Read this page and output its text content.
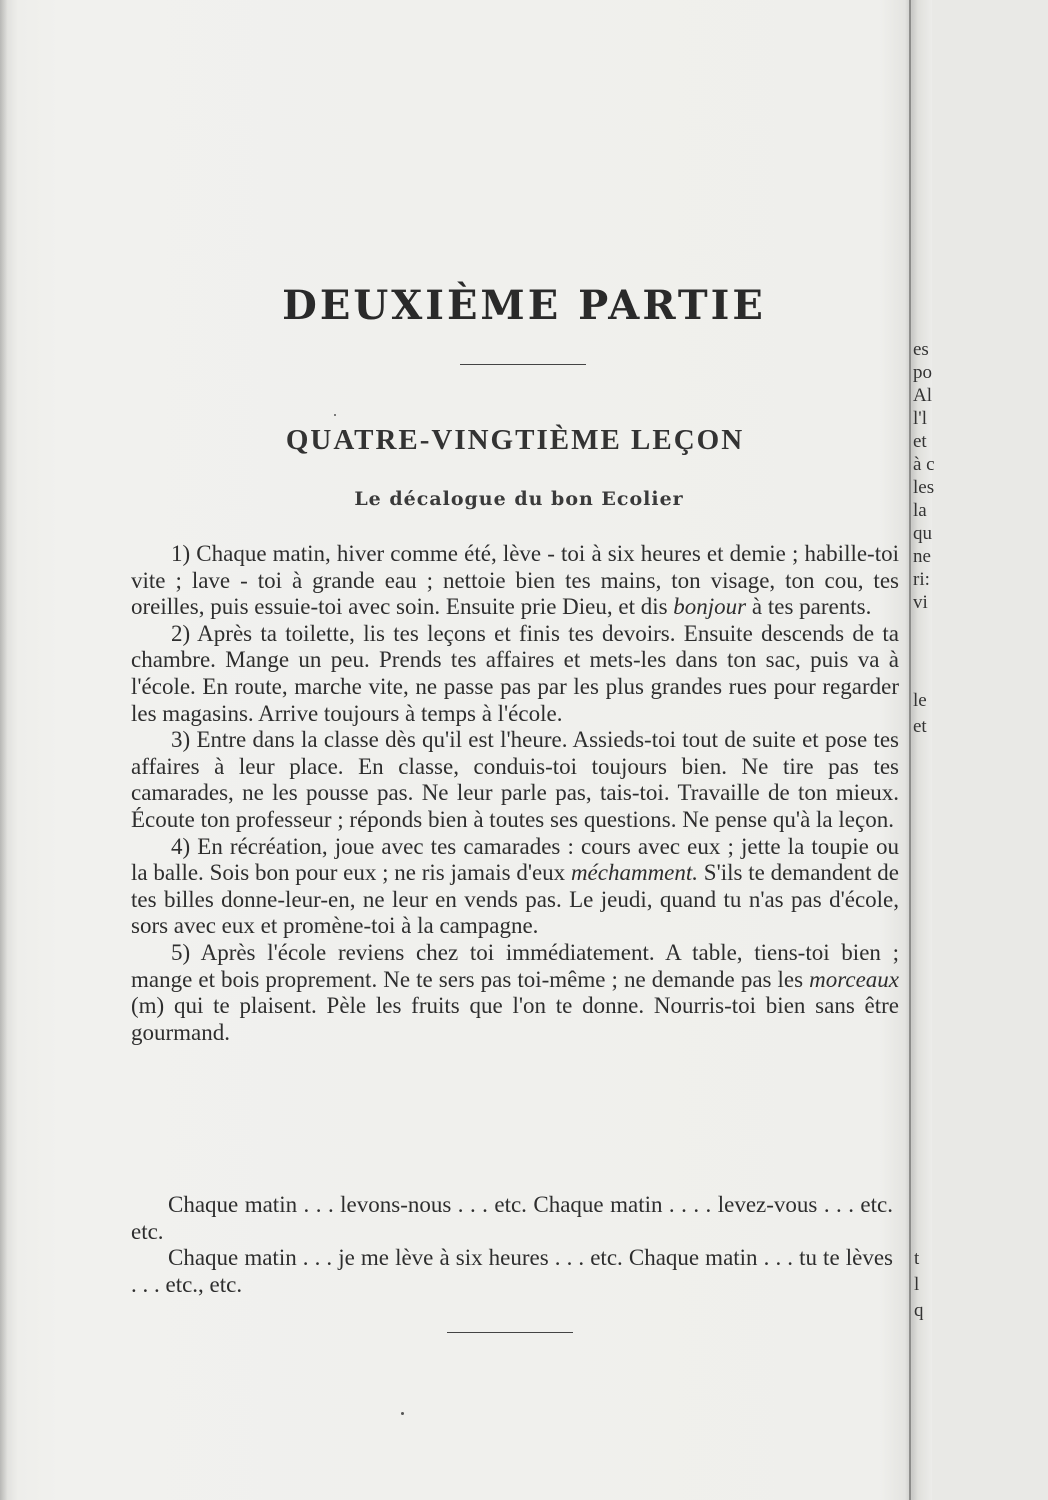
DEUXIÈME PARTIE
QUATRE-VINGTIÈME LEÇON
Le décalogue du bon Ecolier

1) Chaque matin, hiver comme été, lève - toi à six heures et demie ; habille-toi vite ; lave - toi à grande eau ; nettoie bien tes mains, ton visage, ton cou, tes oreilles, puis essuie-toi avec soin. Ensuite prie Dieu, et dis bonjour à tes parents.

2) Après ta toilette, lis tes leçons et finis tes devoirs. Ensuite descends de ta chambre. Mange un peu. Prends tes affaires et mets-les dans ton sac, puis va à l'école. En route, marche vite, ne passe pas par les plus grandes rues pour regarder les magasins. Arrive toujours à temps à l'école.

3) Entre dans la classe dès qu'il est l'heure. Assieds-toi tout de suite et pose tes affaires à leur place. En classe, conduis-toi toujours bien. Ne tire pas tes camarades, ne les pousse pas. Ne leur parle pas, tais-toi. Travaille de ton mieux. Écoute ton professeur ; réponds bien à toutes ses questions. Ne pense qu'à la leçon.

4) En récréation, joue avec tes camarades : cours avec eux ; jette la toupie ou la balle. Sois bon pour eux ; ne ris jamais d'eux méchamment. S'ils te demandent de tes billes donne-leur-en, ne leur en vends pas. Le jeudi, quand tu n'as pas d'école, sors avec eux et promène-toi à la campagne.

5) Après l'école reviens chez toi immédiatement. A table, tiens-toi bien ; mange et bois proprement. Ne te sers pas toi-même ; ne demande pas les morceaux (m) qui te plaisent. Pèle les fruits que l'on te donne. Nourris-toi bien sans être gourmand.

Chaque matin . . . levons-nous . . . etc. Chaque matin . . . . levez-vous . . . etc. etc.

Chaque matin . . . je me lève à six heures . . . etc. Chaque matin . . . tu te lèves . . . etc., etc.

es
po
Al
l'l
et
à c
les
la
qu
ne
ri:
vi
le
et
t
l
q
